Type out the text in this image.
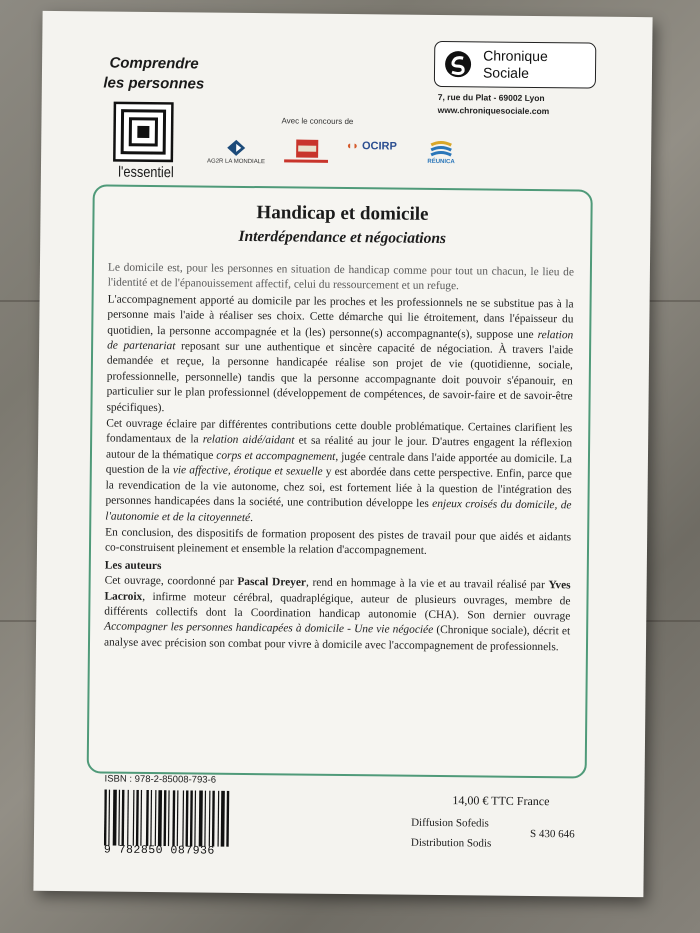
Comprendre
les personnes
l'essentiel
Chronique
Sociale
7, rue du Plat - 69002 Lyon
www.chroniquesociale.com
Avec le concours de
AG2R LA MONDIALE
◖◗ OCIRP
RÉUNICA
Handicap et domicile
Interdépendance et négociations

Le domicile est, pour les personnes en situation de handicap comme pour tout un chacun, le lieu de l'identité et de l'épanouissement affectif, celui du ressourcement et un refuge.

L'accompagnement apporté au domicile par les proches et les professionnels ne se substitue pas à la personne mais l'aide à réaliser ses choix. Cette démarche qui lie étroitement, dans l'épaisseur du quotidien, la personne accompagnée et la (les) personne(s) accompagnante(s), suppose une relation de partenariat reposant sur une authentique et sincère capacité de négociation. À travers l'aide demandée et reçue, la personne handicapée réalise son projet de vie (quotidienne, sociale, professionnelle, personnelle) tandis que la personne accompagnante doit pouvoir s'épanouir, en particulier sur le plan professionnel (développement de compétences, de savoir-faire et de savoir-être spécifiques).

Cet ouvrage éclaire par différentes contributions cette double problématique. Certaines clarifient les fondamentaux de la relation aidé/aidant et sa réalité au jour le jour. D'autres engagent la réflexion autour de la thématique corps et accompagnement, jugée centrale dans l'aide apportée au domicile. La question de la vie affective, érotique et sexuelle y est abordée dans cette perspective. Enfin, parce que la revendication de la vie autonome, chez soi, est fortement liée à la question de l'intégration des personnes handicapées dans la société, une contribution développe les enjeux croisés du domicile, de l'autonomie et de la citoyenneté.

En conclusion, des dispositifs de formation proposent des pistes de travail pour que aidés et aidants co-construisent pleinement et ensemble la relation d'accompagnement.

Les auteurs

Cet ouvrage, coordonné par Pascal Dreyer, rend en hommage à la vie et au travail réalisé par Yves Lacroix, infirme moteur cérébral, quadraplégique, auteur de plusieurs ouvrages, membre de différents collectifs dont la Coordination handicap autonomie (CHA). Son dernier ouvrage Accompagner les personnes handicapées à domicile - Une vie négociée (Chronique sociale), décrit et analyse avec précision son combat pour vivre à domicile avec l'accompagnement de professionnels.

ISBN : 978-2-85008-793-6
9 782850 087936
14,00 € TTC France
Diffusion Sofedis
Distribution Sodis
S 430 646
